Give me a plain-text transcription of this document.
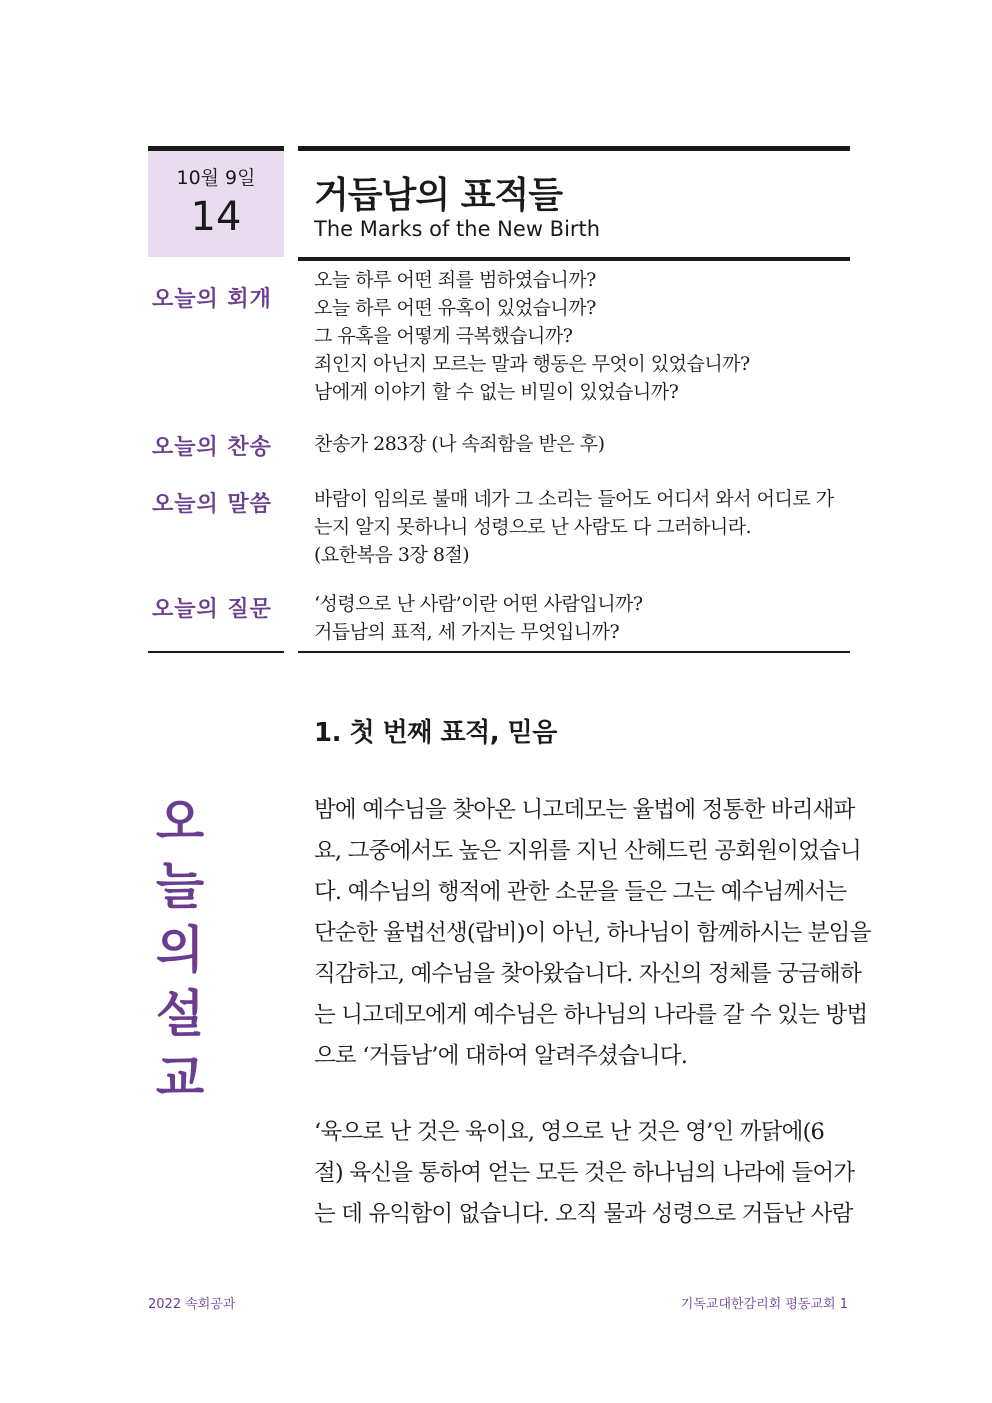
10월 9일
14	거듭남의 표적들
The Marks of the New Birth
오늘의 회개
오늘 하루 어떤 죄를 범하였습니까?
오늘 하루 어떤 유혹이 있었습니까?
그 유혹을 어떻게 극복했습니까?
죄인지 아닌지 모르는 말과 행동은 무엇이 있었습니까?
남에게 이야기 할 수 없는 비밀이 있었습니까?
오늘의 찬송	찬송가 283장 (나 속죄함을 받은 후)
오늘의 말씀	바람이 임의로 불매 네가 그 소리는 들어도 어디서 와서 어디로 가
는지 알지 못하나니 성령으로 난 사람도 다 그러하니라.
(요한복음 3장 8절)
오늘의 질문	‘성령으로 난 사람’이란 어떤 사람입니까?
거듭남의 표적, 세 가지는 무엇입니까?
오
늘
의
설
교
1. 첫 번째 표적, 믿음
밤에 예수님을 찾아온 니고데모는 율법에 정통한 바리새파
요, 그중에서도 높은 지위를 지닌 산헤드린 공회원이었습니
다. 예수님의 행적에 관한 소문을 들은 그는 예수님께서는
단순한 율법선생(랍비)이 아닌, 하나님이 함께하시는 분임을
직감하고, 예수님을 찾아왔습니다. 자신의 정체를 궁금해하
는 니고데모에게 예수님은 하나님의 나라를 갈 수 있는 방법
으로 ‘거듭남’에 대하여 알려주셨습니다.
‘육으로 난 것은 육이요, 영으로 난 것은 영’인 까닭에(6
절) 육신을 통하여 얻는 모든 것은 하나님의 나라에 들어가
는 데 유익함이 없습니다. 오직 물과 성령으로 거듭난 사람
2022 속회공과	기독교대한감리회 평동교회 1
